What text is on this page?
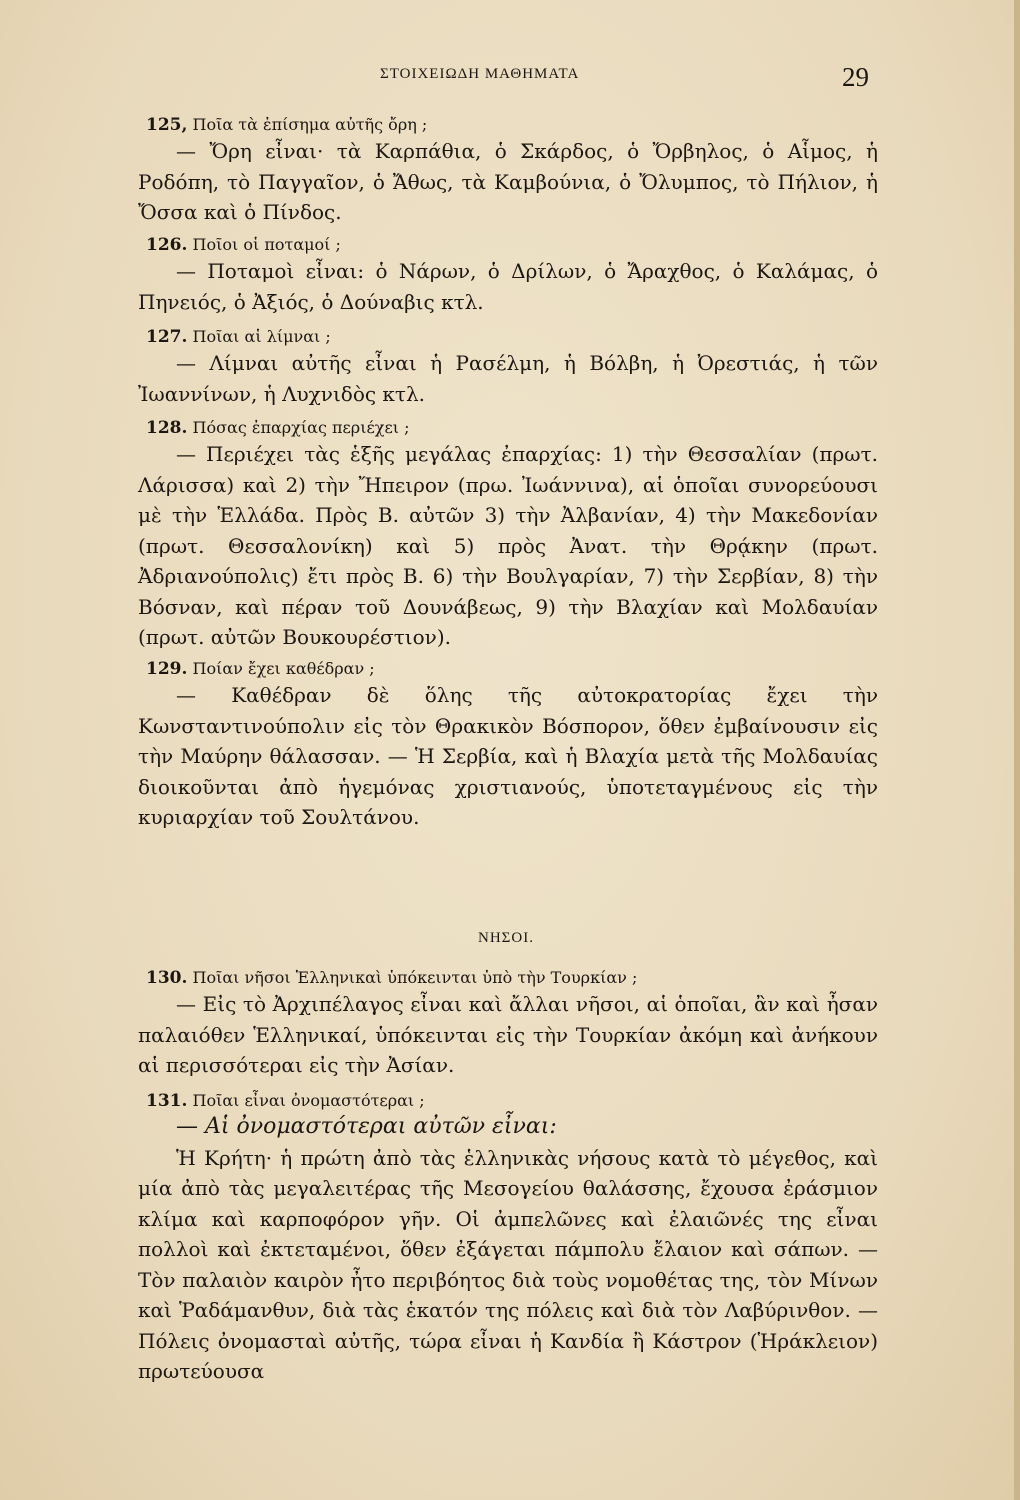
ΣΤΟΙΧΕΙΩΔΗ ΜΑΘΗΜΑΤΑ	29
125, Ποῖα τὰ ἐπίσημα αὐτῆς ὄρη ;

— Ὄρη εἶναι· τὰ Καρπάθια, ὁ Σκάρδος, ὁ Ὄρβηλος, ὁ Αἷμος, ἡ Ροδόπη, τὸ Παγγαῖον, ὁ Ἄθως, τὰ Καμβούνια, ὁ Ὄλυμπος, τὸ Πήλιον, ἡ Ὄσσα καὶ ὁ Πίνδος.

126. Ποῖοι οἱ ποταμοί ;

— Ποταμοὶ εἶναι: ὁ Νάρων, ὁ Δρίλων, ὁ Ἄραχθος, ὁ Καλάμας, ὁ Πηνειός, ὁ Ἀξιός, ὁ Δούναβις κτλ.

127. Ποῖαι αἱ λίμναι ;

— Λίμναι αὐτῆς εἶναι ἡ Ρασέλμη, ἡ Βόλβη, ἡ Ὀρεστιάς, ἡ τῶν Ἰωαννίνων, ἡ Λυχνιδὸς κτλ.

128. Πόσας ἐπαρχίας περιέχει ;

— Περιέχει τὰς ἑξῆς μεγάλας ἐπαρχίας: 1) τὴν Θεσσαλίαν (πρωτ. Λάρισσα) καὶ 2) τὴν Ἤπειρον (πρω. Ἰωάννινα), αἱ ὁποῖαι συνορεύουσι μὲ τὴν Ἑλλάδα. Πρὸς Β. αὐτῶν 3) τὴν Ἀλβανίαν, 4) τὴν Μακεδονίαν (πρωτ. Θεσσαλονίκη) καὶ 5) πρὸς Ἀνατ. τὴν Θρᾴκην (πρωτ. Ἀδριανούπολις) ἔτι πρὸς Β. 6) τὴν Βουλγαρίαν, 7) τὴν Σερβίαν, 8) τὴν Βόσναν, καὶ πέραν τοῦ Δουνάβεως, 9) τὴν Βλαχίαν καὶ Μολδαυίαν (πρωτ. αὐτῶν Βουκουρέστιον).

129. Ποίαν ἔχει καθέδραν ;

— Καθέδραν δὲ ὅλης τῆς αὐτοκρατορίας ἔχει τὴν Κωνσταντινούπολιν εἰς τὸν Θρακικὸν Βόσπορον, ὅθεν ἐμβαίνουσιν εἰς τὴν Μαύρην θάλασσαν. — Ἡ Σερβία, καὶ ἡ Βλαχία μετὰ τῆς Μολδαυίας διοικοῦνται ἀπὸ ἡγεμόνας χριστιανούς, ὑποτεταγμένους εἰς τὴν κυριαρχίαν τοῦ Σουλτάνου.

ΝΗΣΟΙ.
130. Ποῖαι νῆσοι Ἑλληνικαὶ ὑπόκεινται ὑπὸ τὴν Τουρκίαν ;

— Εἰς τὸ Ἀρχιπέλαγος εἶναι καὶ ἄλλαι νῆσοι, αἱ ὁποῖαι, ἂν καὶ ἦσαν παλαιόθεν Ἑλληνικαί, ὑπόκεινται εἰς τὴν Τουρκίαν ἀκόμη καὶ ἀνήκουν αἱ περισσότεραι εἰς τὴν Ἀσίαν.

131. Ποῖαι εἶναι ὀνομαστότεραι ;

— Αἱ ὀνομαστότεραι αὐτῶν εἶναι:

Ἡ Κρήτη· ἡ πρώτη ἀπὸ τὰς ἑλληνικὰς νήσους κατὰ τὸ μέγεθος, καὶ μία ἀπὸ τὰς μεγαλειτέρας τῆς Μεσογείου θαλάσσης, ἔχουσα ἐράσμιον κλίμα καὶ καρποφόρον γῆν. Οἱ ἀμπελῶνες καὶ ἐλαιῶνές της εἶναι πολλοὶ καὶ ἐκτεταμένοι, ὅθεν ἐξάγεται πάμπολυ ἔλαιον καὶ σάπων. — Τὸν παλαιὸν καιρὸν ἦτο περιβόητος διὰ τοὺς νομοθέτας της, τὸν Μίνων καὶ Ῥαδάμανθυν, διὰ τὰς ἑκατόν της πόλεις καὶ διὰ τὸν Λαβύρινθον. — Πόλεις ὀνομασταὶ αὐτῆς, τώρα εἶναι ἡ Κανδία ἢ Κάστρον (Ἡράκλειον) πρωτεύουσα
